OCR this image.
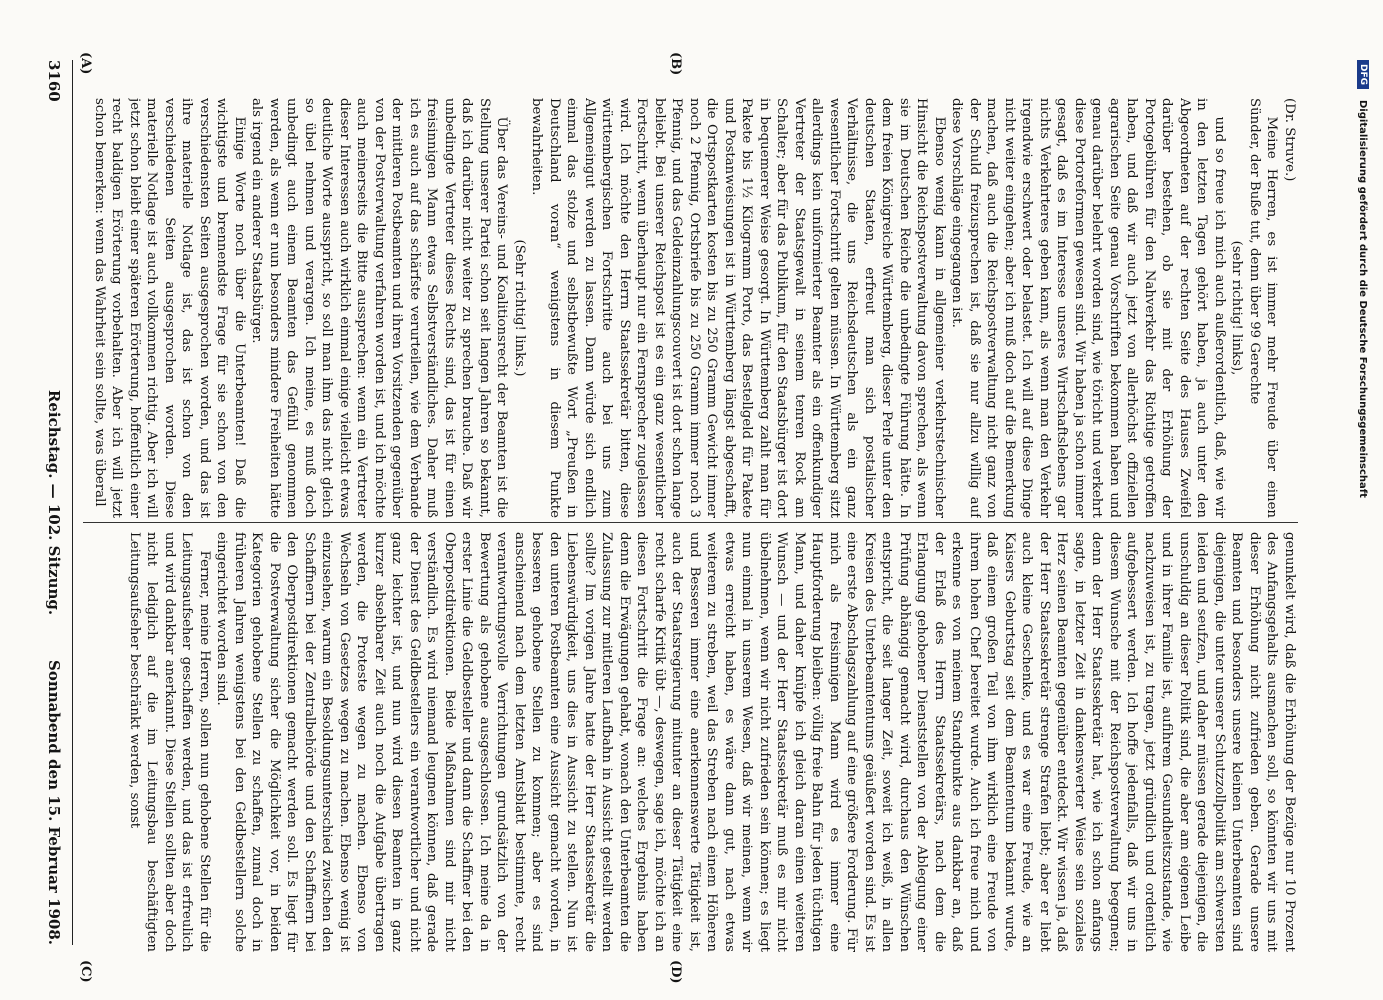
DFG
Digitalisierung gefördert durch die Deutsche Forschungsgemeinschaft

(Dr. Struve.)

Meine Herren, es ist immer mehr Freude über einen Sünder, der Buße tut, denn über 99 Gerechte

(sehr richtig! links),

und so freue ich mich auch außerordentlich, daß, wie wir in den letzten Tagen gehört haben, ja auch unter den Abgeordneten auf der rechten Seite des Hauses Zweifel darüber bestehen, ob sie mit der Erhöhung der Portogebühren für den Nahverkehr das Richtige getroffen haben, und daß wir auch jetzt von allerhöchst offiziellen agrarischen Seite genau Vorschriften bekommen haben und genau darüber belehrt worden sind, wie töricht und verkehrt diese Portoreformen gewesen sind. Wir haben ja schon immer gesagt, daß es im Interesse unseres Wirtschaftslebens gar nichts Verkehrteres geben kann, als wenn man den Verkehr irgendwie erschwert oder belastet. Ich will auf diese Dinge nicht weiter eingehen; aber ich muß doch auf die Bemerkung machen, daß auch die Reichspostverwaltung nicht ganz von der Schuld freizusprechen ist, daß sie nur allzu willig auf diese Vorschläge eingegangen ist.

Ebenso wenig kann in allgemeiner verkehrstechnischer Hinsicht die Reichspostverwaltung davon sprechen, als wenn sie im Deutschen Reiche die unbedingte Führung hätte. In dem freien Königreiche Württemberg, dieser Perle unter den deutschen Staaten, erfreut man sich postalischer Verhältnisse, die uns Reichsdeutschen als ein ganz wesentlicher Fortschritt gelten müssen. In Württemberg sitzt allerdings kein uniformierter Beamter als ein offenkundiger Vertreter der Staatsgewalt in seinem tenren Rock am Schalter; aber für das Publikum, für den Staatsbürger ist dort in bequemerer Weise gesorgt. In Württemberg zahlt man für Pakete bis 1½ Kilogramm Porto, das Bestellgeld für Pakete und Postanweisungen ist in Württemberg längst abgeschafft, die Ortspostkarten kosten bis zu 250 Gramm Gewicht immer noch 2 Pfennig, Ortsbriefe bis zu 250 Gramm immer noch 3 Pfennig, und das Geldeinzahlungscouvert ist dort schon lange beliebt. Bei unserer Reichspost ist es ein ganz wesentlicher Fortschritt, wenn überhaupt nur ein Fernsprecher zugelassen wird. Ich möchte den Herrn Staatssekretär bitten, diese württembergischen Fortschritte auch bei uns zum Allgemeingut werden zu lassen. Dann würde sich endlich einmal das stolze und selbstbewußte Wort „Preußen in Deutschland voran“ wenigstens in diesem Punkte bewahrheiten.

(Sehr richtig! links.)

Über das Vereins- und Koalitionsrecht der Beamten ist die Stellung unserer Partei schon seit langen Jahren so bekannt, daß ich darüber nicht weiter zu sprechen brauche. Daß wir unbedingte Vertreter dieses Rechts sind, das ist für einen freisinnigen Mann etwas Selbstverständliches. Daher muß ich es auch auf das schärfste verurteilen, wie dem Verbande der mittleren Postbeamten und ihren Vorsitzenden gegenüber von der Postverwaltung verfahren worden ist, und ich möchte auch meinerseits die Bitte aussprechen: wenn ein Vertreter dieser Interessen auch wirklich einmal einige vielleicht etwas deutliche Worte ausspricht, so soll man ihm das nicht gleich so übel nehmen und verargen. Ich meine, es muß doch unbedingt auch einem Beamten das Gefühl genommen werden, als wenn er nun besonders mindere Freiheiten hätte als irgend ein anderer Staatsbürger.

Einige Worte noch über die Unterbeamten! Daß die wichtigste und brennendste Frage für sie schon von den verschiedensten Seiten ausgesprochen worden, und das ist ihre materielle Notlage ist, das ist schon von den verschiedenen Seiten ausgesprochen worden. Diese materielle Notlage ist auch vollkommen richtig. Aber ich will jetzt schon bleibt einer späteren Erörterung, hoffentlich einer recht baldigen Erörterung vorbehalten. Aber ich will jetzt schon bemerken: wenn das Wahrheit sein sollte, was überall

genunkelt wird, daß die Erhöhung der Bezüge nur 10 Prozent des Anfangsgehalts ausmachen soll, so könnten wir uns mit dieser Erhöhung nicht zufrieden geben. Gerade unsere Beamten und besonders unsere kleinen Unterbeamten sind diejenigen, die unter unserer Schutzzollpolitik am schwersten leiden und seufzen, und daher müssen gerade diejenigen, die unschuldig an dieser Politik sind, die aber am eigenen Leibe und in ihrer Familie ist, aufihrem Gesundheitszustande, wie nachzuweisen ist, zu tragen, jetzt gründlich und ordentlich aufgebessert werden. Ich hoffe jedenfalls, daß wir uns in diesem Wunsche mit der Reichspostverwaltung begegnen; denn der Herr Staatssekretär hat, wie ich schon anfangs sagte, in letzter Zeit in dankenswerter Weise sein soziales Herz seinen Beamten gegenüber entdeckt. Wir wissen ja, daß der Herr Staatssekretär strenge Strafen liebt; aber er liebt auch kleine Geschenke, und es war eine Freude, wie an Kaisers Geburtstag seit dem Beamtentum bekannt wurde, daß einem großen Teil von ihm wirklich eine Freude von ihrem hohen Chef bereitet wurde. Auch ich freue mich und erkenne es von meinem Standpunkte aus dankbar an, daß der Erlaß des Herrn Staatssekretärs, nach dem die Erlangung gehobener Dienststellen von der Ablegung einer Prüfung abhängig gemacht wird, durchaus den Wünschen entspricht, die seit langer Zeit, soweit ich weiß, in allen Kreisen des Unterbeamtentums geäußert worden sind. Es ist eine erste Abschlagszahlung auf eine größere Forderung. Für mich als freisinnigen Mann wird es immer eine Hauptforderung bleiben: völlig freie Bahn für jeden tüchtigen Mann, und daher knüpfe ich gleich daran einen weiteren Wunsch — und der Herr Staatssekretär muß es mir nicht übelnehmen, wenn wir nicht zufrieden sein können; es liegt nun einmal in unserem Wesen, daß wir meinen, wenn wir etwas erreicht haben, es wäre dann gut, nach etwas weiterem zu streben, weil das Streben nach einem Höheren und Besseren immer eine anerkennenswerte Tätigkeit ist, auch der Staatsregierung mitunter an dieser Tätigkeit eine recht scharfe Kritik übt —, deswegen, sage ich, möchte ich an diesen Fortschritt die Frage an: welches Ergebnis haben denn die Erwägungen gehabt, wonach den Unterbeamten die Zulassung zur mittleren Laufbahn in Aussicht gestellt werden sollte? Im vorigen Jahre hatte der Herr Staatssekretär die Liebenswürdigkeit, uns dies in Aussicht zu stellen. Nun ist den unteren Postbeamten eine Aussicht gemacht worden, in besseren gehobene Stellen zu kommen; aber es sind anscheinend nach dem letzten Amtsblatt bestimmte, recht verantwortungsvolle Verrichtungen grundsätzlich von der Bewertung als gehobene ausgeschlossen. Ich meine da in erster Linie die Geldbesteller und dann die Schaffner bei den Oberpostdirektionen. Beide Maßnahmen sind mir nicht verständlich. Es wird niemand leugnen können, daß gerade der Dienst des Geldbestellers ein verantwortlicher und nicht ganz leichter ist, und nun wird diesen Beamten in ganz kurzer absehbarer Zeit auch noch die Aufgabe übertragen werden, die Proteste wegen zu machen. Ebenso von Wechseln von Gesetzes wegen zu machen. Ebenso wenig ist einzusehen, warum ein Besoldungsunterschied zwischen den Schaffnern bei der Zentralbehörde und den Schaffnern bei den Oberpostdirektionen gemacht werden soll. Es liegt für die Postverwaltung sicher die Möglichkeit vor, in beiden Kategorien gehobene Stellen zu schaffen, zumal doch in früheren Jahren wenigstens bei den Geldbestellern solche eingerichtet worden sind.

Ferner, meine Herren, sollen nun gehobene Stellen für die Leitungsaufseher geschaffen werden, und das ist erfreulich und wird dankbar anerkannt. Diese Stellen sollten aber doch nicht lediglich auf die im Leitungsbau beschäftigten Leitungsaufseher beschränkt werden, sonst

3160
Reichstag. — 102. Sitzung.
Sonnabend den 15. Februar 1908.
(A)	(B)
(C)	(D)
